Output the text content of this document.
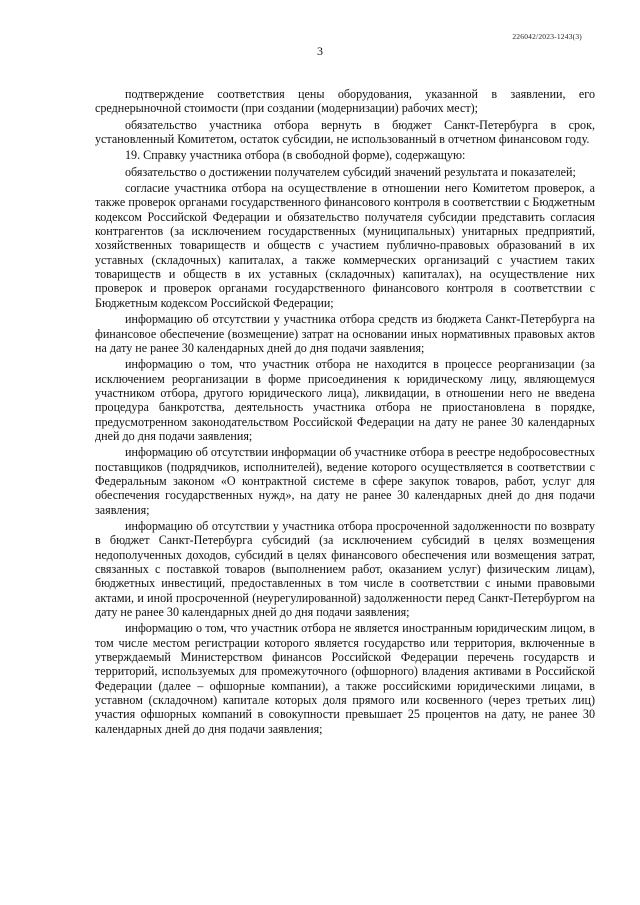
226042/2023-1243(3)
3

подтверждение соответствия цены оборудования, указанной в заявлении, его среднерыночной стоимости (при создании (модернизации) рабочих мест);

обязательство участника отбора вернуть в бюджет Санкт-Петербурга в срок, установленный Комитетом, остаток субсидии, не использованный в отчетном финансовом году.

19. Справку участника отбора (в свободной форме), содержащую:

обязательство о достижении получателем субсидий значений результата и показателей;

согласие участника отбора на осуществление в отношении него Комитетом проверок, а также проверок органами государственного финансового контроля в соответствии с Бюджетным кодексом Российской Федерации и обязательство получателя субсидии представить согласия контрагентов (за исключением государственных (муниципальных) унитарных предприятий, хозяйственных товариществ и обществ с участием публично-правовых образований в их уставных (складочных) капиталах, а также коммерческих организаций с участием таких товариществ и обществ в их уставных (складочных) капиталах), на осуществление них проверок и проверок органами государственного финансового контроля в соответствии с Бюджетным кодексом Российской Федерации;

информацию об отсутствии у участника отбора средств из бюджета Санкт-Петербурга на финансовое обеспечение (возмещение) затрат на основании иных нормативных правовых актов на дату не ранее 30 календарных дней до дня подачи заявления;

информацию о том, что участник отбора не находится в процессе реорганизации (за исключением реорганизации в форме присоединения к юридическому лицу, являющемуся участником отбора, другого юридического лица), ликвидации, в отношении него не введена процедура банкротства, деятельность участника отбора не приостановлена в порядке, предусмотренном законодательством Российской Федерации на дату не ранее 30 календарных дней до дня подачи заявления;

информацию об отсутствии информации об участнике отбора в реестре недобросовестных поставщиков (подрядчиков, исполнителей), ведение которого осуществляется в соответствии с Федеральным законом «О контрактной системе в сфере закупок товаров, работ, услуг для обеспечения государственных нужд», на дату не ранее 30 календарных дней до дня подачи заявления;

информацию об отсутствии у участника отбора просроченной задолженности по возврату в бюджет Санкт-Петербурга субсидий (за исключением субсидий в целях возмещения недополученных доходов, субсидий в целях финансового обеспечения или возмещения затрат, связанных с поставкой товаров (выполнением работ, оказанием услуг) физическим лицам), бюджетных инвестиций, предоставленных в том числе в соответствии с иными правовыми актами, и иной просроченной (неурегулированной) задолженности перед Санкт-Петербургом на дату не ранее 30 календарных дней до дня подачи заявления;

информацию о том, что участник отбора не является иностранным юридическим лицом, в том числе местом регистрации которого является государство или территория, включенные в утверждаемый Министерством финансов Российской Федерации перечень государств и территорий, используемых для промежуточного (офшорного) владения активами в Российской Федерации (далее – офшорные компании), а также российскими юридическими лицами, в уставном (складочном) капитале которых доля прямого или косвенного (через третьих лиц) участия офшорных компаний в совокупности превышает 25 процентов на дату, не ранее 30 календарных дней до дня подачи заявления;
